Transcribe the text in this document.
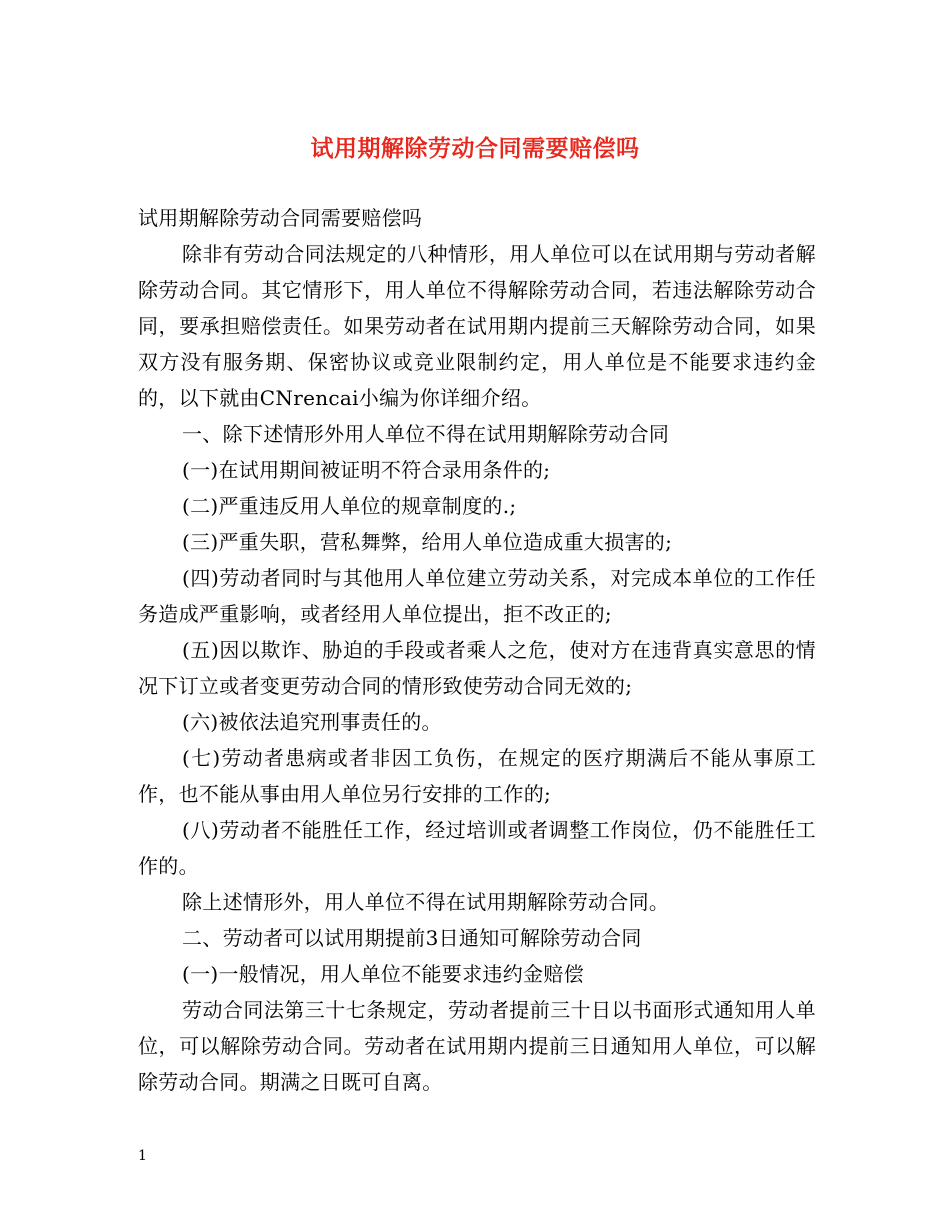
试用期解除劳动合同需要赔偿吗

试用期解除劳动合同需要赔偿吗

除非有劳动合同法规定的八种情形，用人单位可以在试用期与劳动者解除劳动合同。其它情形下，用人单位不得解除劳动合同，若违法解除劳动合同，要承担赔偿责任。如果劳动者在试用期内提前三天解除劳动合同，如果双方没有服务期、保密协议或竞业限制约定，用人单位是不能要求违约金的，以下就由CNrencai小编为你详细介绍。

一、除下述情形外用人单位不得在试用期解除劳动合同

(一)在试用期间被证明不符合录用条件的;

(二)严重违反用人单位的规章制度的.;

(三)严重失职，营私舞弊，给用人单位造成重大损害的;

(四)劳动者同时与其他用人单位建立劳动关系，对完成本单位的工作任务造成严重影响，或者经用人单位提出，拒不改正的;

(五)因以欺诈、胁迫的手段或者乘人之危，使对方在违背真实意思的情况下订立或者变更劳动合同的情形致使劳动合同无效的;

(六)被依法追究刑事责任的。

(七)劳动者患病或者非因工负伤，在规定的医疗期满后不能从事原工作，也不能从事由用人单位另行安排的工作的;

(八)劳动者不能胜任工作，经过培训或者调整工作岗位，仍不能胜任工作的。

除上述情形外，用人单位不得在试用期解除劳动合同。

二、劳动者可以试用期提前3日通知可解除劳动合同

(一)一般情况，用人单位不能要求违约金赔偿

劳动合同法第三十七条规定，劳动者提前三十日以书面形式通知用人单位，可以解除劳动合同。劳动者在试用期内提前三日通知用人单位，可以解除劳动合同。期满之日既可自离。

1
